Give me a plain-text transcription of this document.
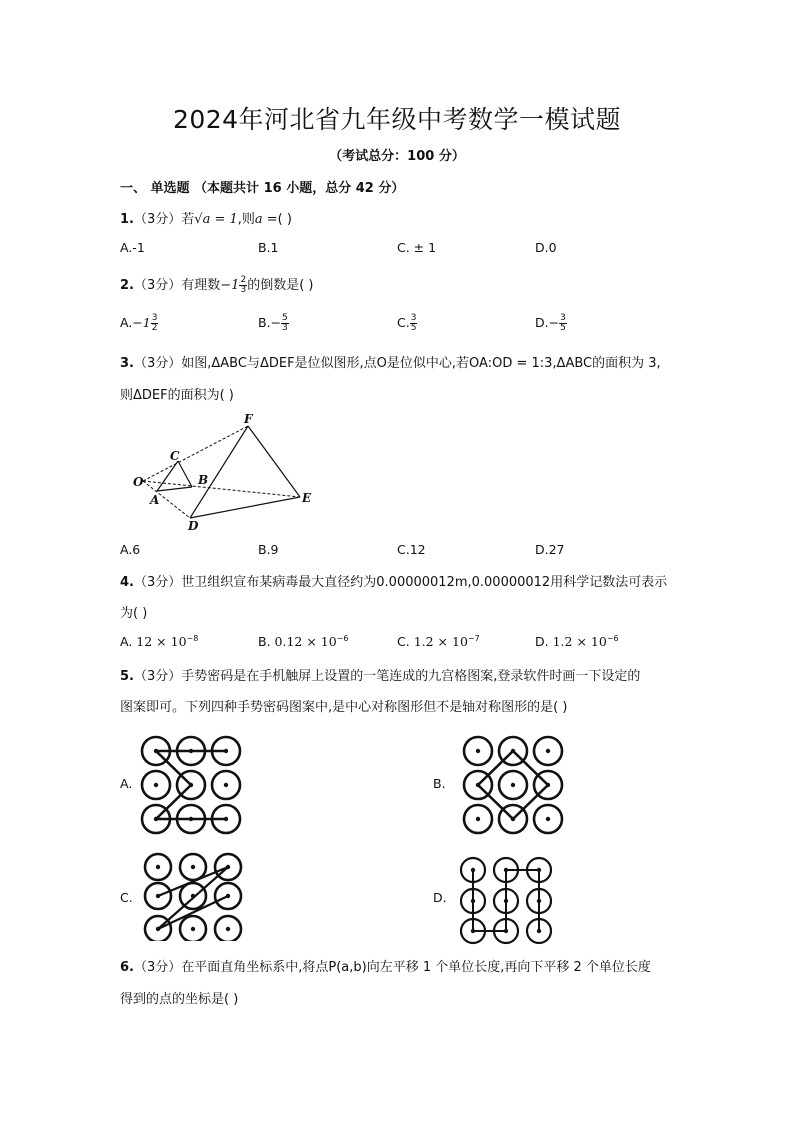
2024年河北省九年级中考数学一模试题
（考试总分：100 分）
一、 单选题 （本题共计 16 小题，总分 42 分）
1.（3分）若√a = 1,则a =( )
A.-1	B.1	C. ± 1	D.0
2.（3分）有理数$-1 \frac{2}{3}$ 的倒数是( )
$A.-1 \frac{3}{2}$	$B.- \frac{5}{3}$	C. $\frac{3}{5}$	$D.- \frac{3}{5}$
3.（3分）如图,ΔABC与ΔDEF是位似图形,点O是位似中心,若OA:OD = 1:3,ΔABC的面积为 3,
则ΔDEF的面积为( )
F
C
O	B
A	E
D
A.6	B.9	C.12	D.27
4.（3分）世卫组织宣布某病毒最大直径约为0.00000012m,0.00000012用科学记数法可表示
为( )
A. $12 \times 10^{-8}$	B. $0.12 \times 10^{-6}$	C. $1.2 \times 10^{-7}$	D. $1.2 \times 10^{-6}$
5.（3分）手势密码是在手机触屏上设置的一笔连成的九宫格图案,登录软件时画一下设定的
图案即可。下列四种手势密码图案中,是中心对称图形但不是轴对称图形的是( )
A.	B.
C.	D.
6.（3分）在平面直角坐标系中,将点P(a,b)向左平移 1 个单位长度,再向下平移 2 个单位长度
得到的点的坐标是( )
